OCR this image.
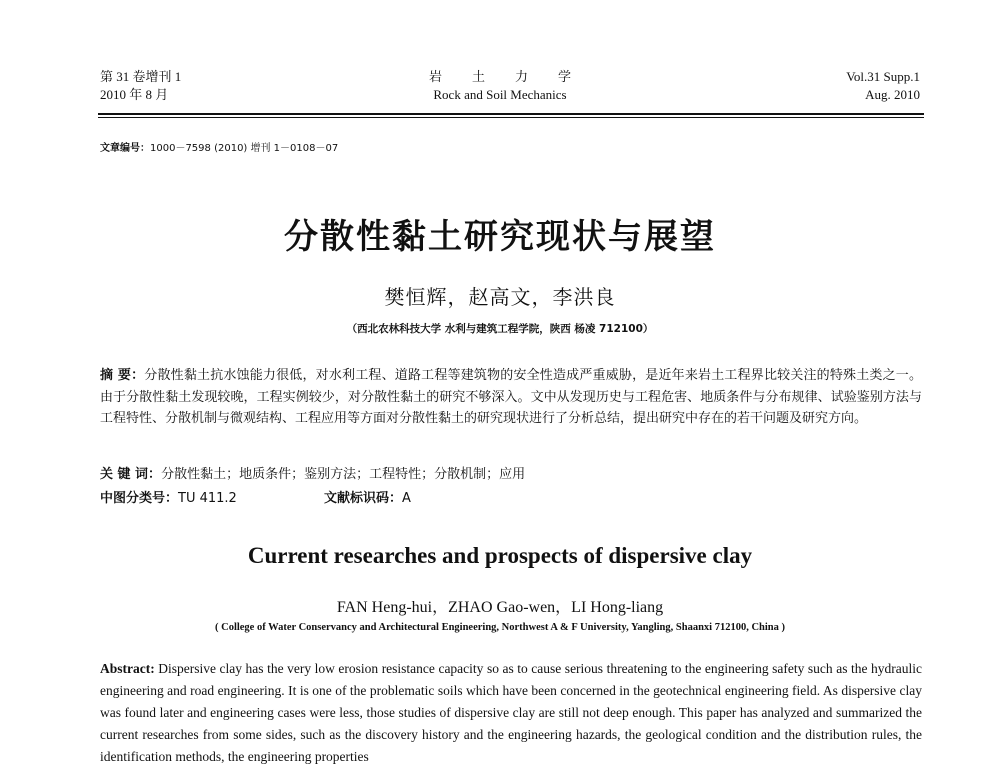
第 31 卷增刊 1
2010 年 8 月
岩土力学
Rock and Soil Mechanics
Vol.31 Supp.1
Aug. 2010
文章编号：1000－7598 (2010) 增刊 1－0108－07
分散性黏土研究现状与展望
樊恒辉，赵高文，李洪良
（西北农林科技大学 水利与建筑工程学院，陕西 杨凌 712100）
摘 要：分散性黏土抗水蚀能力很低，对水利工程、道路工程等建筑物的安全性造成严重威胁，是近年来岩土工程界比较关注的特殊土类之一。由于分散性黏土发现较晚，工程实例较少，对分散性黏土的研究不够深入。文中从发现历史与工程危害、地质条件与分布规律、试验鉴别方法与工程特性、分散机制与微观结构、工程应用等方面对分散性黏土的研究现状进行了分析总结，提出研究中存在的若干问题及研究方向。
关 键 词：分散性黏土；地质条件；鉴别方法；工程特性；分散机制；应用
中图分类号：TU 411.2	文献标识码：A
Current researches and prospects of dispersive clay
FAN Heng-hui，ZHAO Gao-wen，LI Hong-liang
( College of Water Conservancy and Architectural Engineering, Northwest A & F University, Yangling, Shaanxi 712100, China )
Abstract: Dispersive clay has the very low erosion resistance capacity so as to cause serious threatening to the engineering safety such as the hydraulic engineering and road engineering. It is one of the problematic soils which have been concerned in the geotechnical engineering field. As dispersive clay was found later and engineering cases were less, those studies of dispersive clay are still not deep enough. This paper has analyzed and summarized the current researches from some sides, such as the discovery history and the engineering hazards, the geological condition and the distribution rules, the identification methods, the engineering properties
